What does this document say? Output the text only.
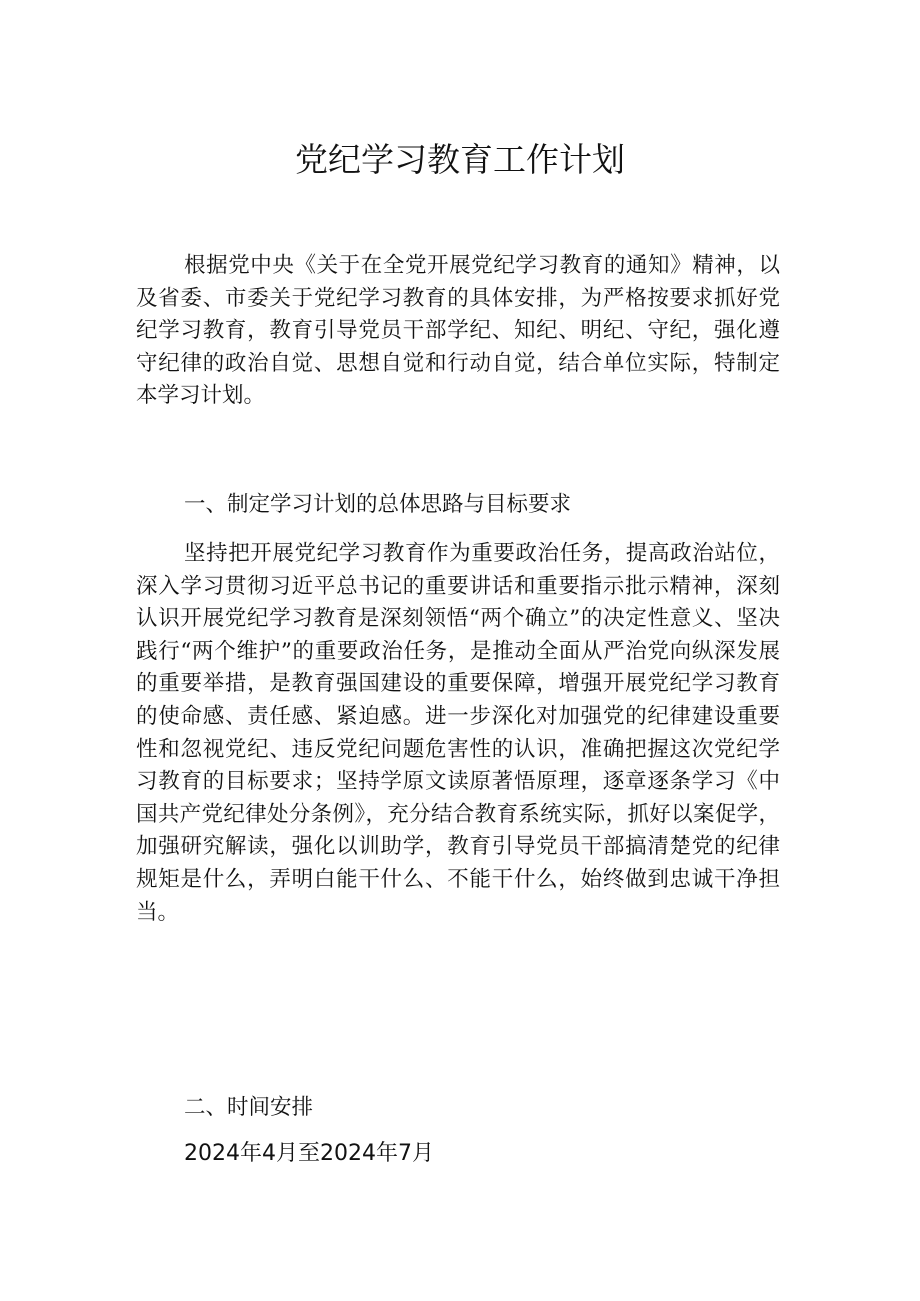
党纪学习教育工作计划

根据党中央《关于在全党开展党纪学习教育的通知》精神，以及省委、市委关于党纪学习教育的具体安排，为严格按要求抓好党纪学习教育，教育引导党员干部学纪、知纪、明纪、守纪，强化遵守纪律的政治自觉、思想自觉和行动自觉，结合单位实际，特制定本学习计划。

一、制定学习计划的总体思路与目标要求

坚持把开展党纪学习教育作为重要政治任务，提高政治站位，深入学习贯彻习近平总书记的重要讲话和重要指示批示精神，深刻认识开展党纪学习教育是深刻领悟“两个确立”的决定性意义、坚决践行“两个维护”的重要政治任务，是推动全面从严治党向纵深发展的重要举措，是教育强国建设的重要保障，增强开展党纪学习教育的使命感、责任感、紧迫感。进一步深化对加强党的纪律建设重要性和忽视党纪、违反党纪问题危害性的认识，准确把握这次党纪学习教育的目标要求；坚持学原文读原著悟原理，逐章逐条学习《中国共产党纪律处分条例》，充分结合教育系统实际，抓好以案促学，加强研究解读，强化以训助学，教育引导党员干部搞清楚党的纪律规矩是什么，弄明白能干什么、不能干什么，始终做到忠诚干净担当。

二、时间安排

2024年4月至2024年7月
